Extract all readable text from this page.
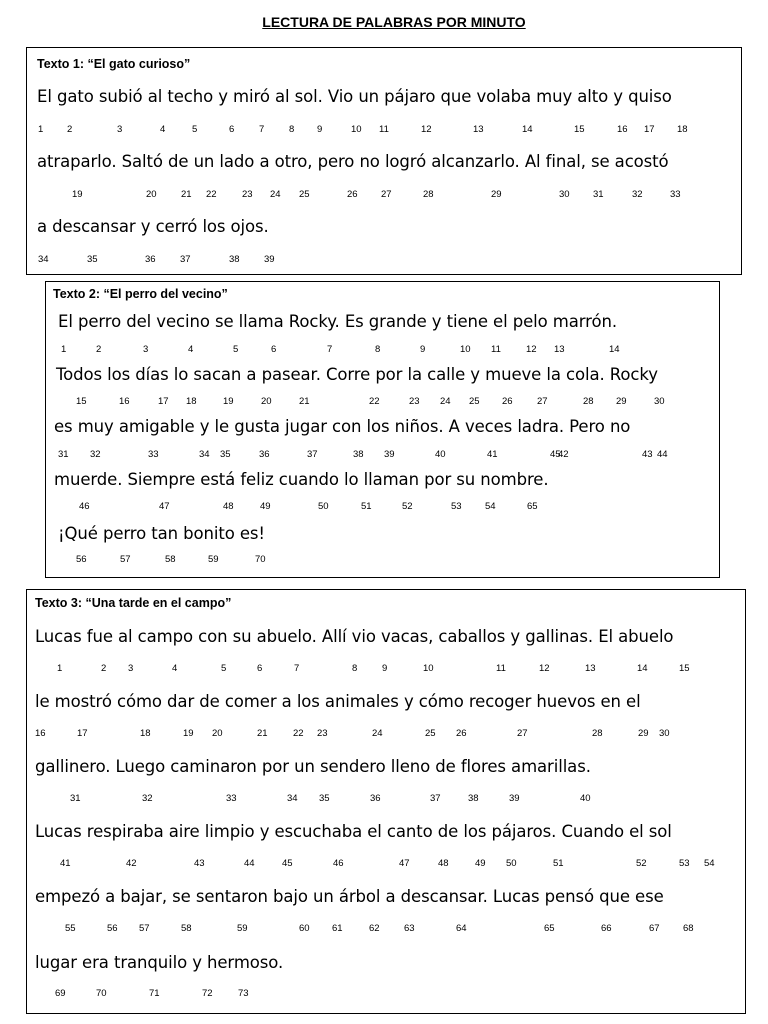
LECTURA DE PALABRAS POR MINUTO
Texto 1: “El gato curioso”
El gato subió al techo y miró al sol. Vio un pájaro que volaba muy alto y quiso
1 2	3	4	5	6	7	8 9	10 11	12	13	14	15	16 17 18
atraparlo. Saltó de un lado a otro, pero no logró alcanzarlo. Al final, se acostó
19	20	21 22	23 24 25	26 27	28	29	30 31	32	33
a descansar y cerró los ojos.
34	35	36	37	38	39
Texto 2: “El perro del vecino”
El perro del vecino se llama Rocky. Es grande y tiene el pelo marrón.
1	2	3	4	5	6	7	8	9	10 11	12 13	14
Todos los días lo sacan a pasear. Corre por la calle y mueve la cola. Rocky
15	16	17 18	19	20	21	22	23 24 25 26	27	28 29	30
es muy amigable y le gusta jugar con los niños. A veces ladra. Pero no
31 32	33	34 35	36	37	38 39	40	41	42	43 44
45
muerde. Siempre está feliz cuando lo llaman por su nombre.
46	47	48	49	50	51	52	53 54	65
¡Qué perro tan bonito es!
56	57	58	59	70
Texto 3: “Una tarde en el campo”
Lucas fue al campo con su abuelo. Allí vio vacas, caballos y gallinas. El abuelo
1	2 3	4	5	6	7	8	9	10	11	12	13	14	15
le mostró cómo dar de comer a los animales y cómo recoger huevos en el
16	17	18	19 20	21	22 23	24	25 26	27	28	29 30
gallinero. Luego caminaron por un sendero lleno de flores amarillas.
31	32	33	34 35	36	37	38	39	40
Lucas respiraba aire limpio y escuchaba el canto de los pájaros. Cuando el sol
41	42	43	44	45	46	47	48	49 50	51	52	53 54
empezó a bajar, se sentaron bajo un árbol a descansar. Lucas pensó que ese
55	56 57	58	59	60 61	62	63	64	65	66	67 68
lugar era tranquilo y hermoso.
69	70	71	72	73
